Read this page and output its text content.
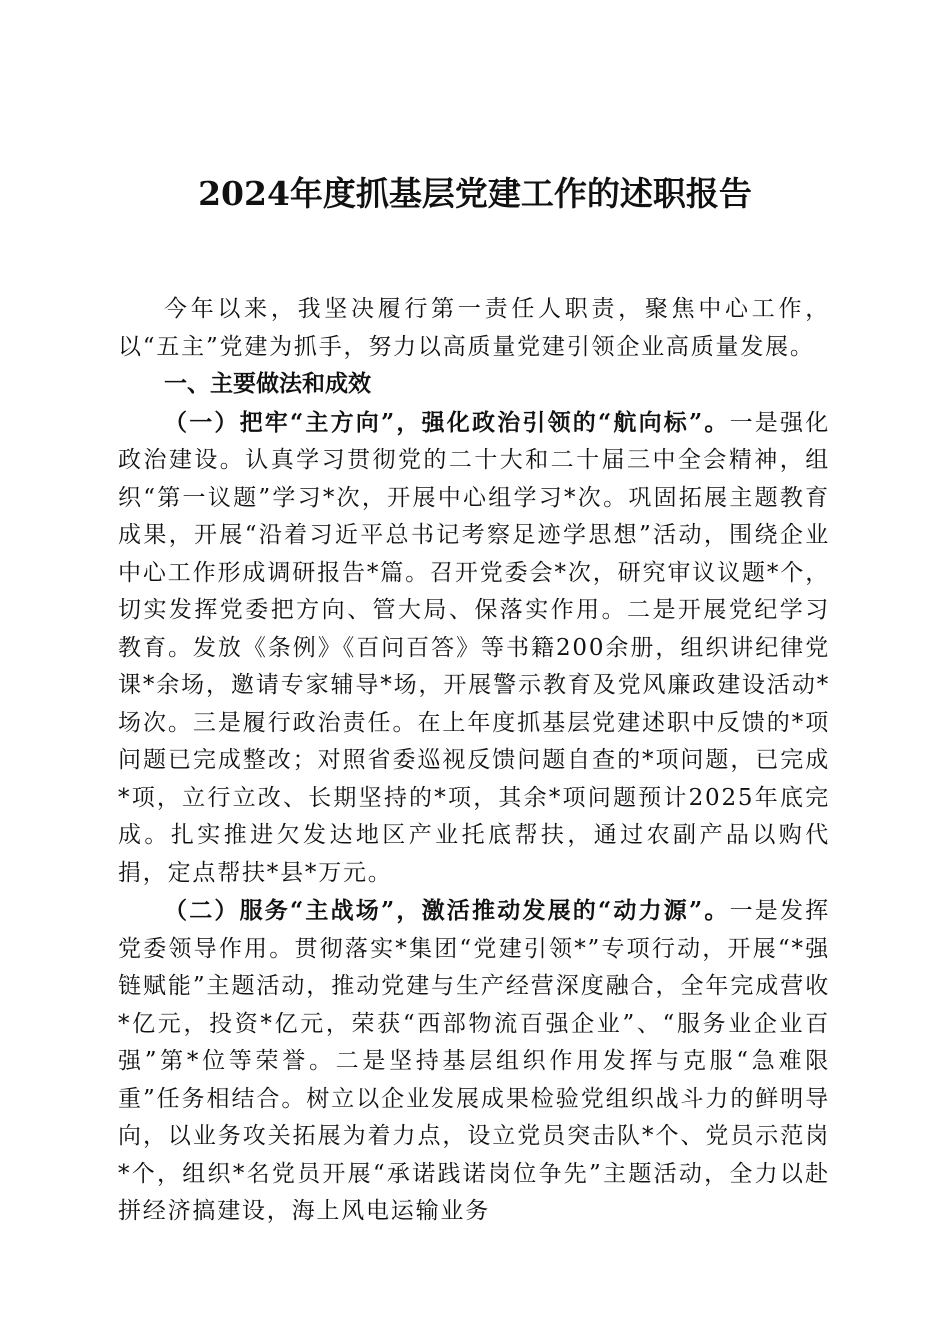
2024年度抓基层党建工作的述职报告

今年以来，我坚决履行第一责任人职责，聚焦中心工作，以“五主”党建为抓手，努力以高质量党建引领企业高质量发展。

一、主要做法和成效

（一）把牢“主方向”，强化政治引领的“航向标”。一是强化政治建设。认真学习贯彻党的二十大和二十届三中全会精神，组织“第一议题”学习*次，开展中心组学习*次。巩固拓展主题教育成果，开展“沿着习近平总书记考察足迹学思想”活动，围绕企业中心工作形成调研报告*篇。召开党委会*次，研究审议议题*个，切实发挥党委把方向、管大局、保落实作用。二是开展党纪学习教育。发放《条例》《百问百答》等书籍200余册，组织讲纪律党课*余场，邀请专家辅导*场，开展警示教育及党风廉政建设活动*场次。三是履行政治责任。在上年度抓基层党建述职中反馈的*项问题已完成整改；对照省委巡视反馈问题自查的*项问题，已完成*项，立行立改、长期坚持的*项，其余*项问题预计2025年底完成。扎实推进欠发达地区产业托底帮扶，通过农副产品以购代捐，定点帮扶*县*万元。

（二）服务“主战场”，激活推动发展的“动力源”。一是发挥党委领导作用。贯彻落实*集团“党建引领*”专项行动，开展“*强链赋能”主题活动，推动党建与生产经营深度融合，全年完成营收*亿元，投资*亿元，荣获“西部物流百强企业”、“服务业企业百强”第*位等荣誉。二是坚持基层组织作用发挥与克服“急难限重”任务相结合。树立以企业发展成果检验党组织战斗力的鲜明导向，以业务攻关拓展为着力点，设立党员突击队*个、党员示范岗*个，组织*名党员开展“承诺践诺岗位争先”主题活动，全力以赴拼经济搞建设，海上风电运输业务
